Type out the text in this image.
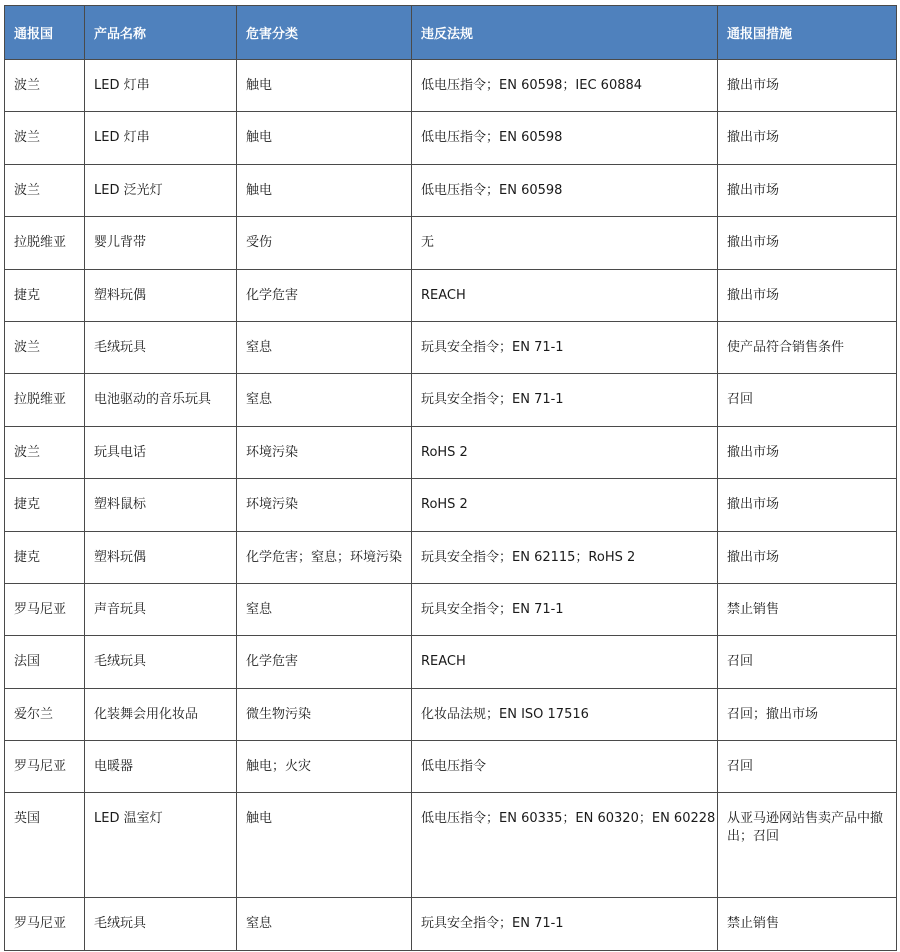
通报国	产品名称	危害分类	违反法规	通报国措施
波兰	LED 灯串	触电	低电压指令；EN 60598；IEC 60884	撤出市场
波兰	LED 灯串	触电	低电压指令；EN 60598	撤出市场
波兰	LED 泛光灯	触电	低电压指令；EN 60598	撤出市场
拉脱维亚	婴儿背带	受伤	无	撤出市场
捷克	塑料玩偶	化学危害	REACH	撤出市场
波兰	毛绒玩具	窒息	玩具安全指令；EN 71-1	使产品符合销售条件
拉脱维亚	电池驱动的音乐玩具	窒息	玩具安全指令；EN 71-1	召回
波兰	玩具电话	环境污染	RoHS 2	撤出市场
捷克	塑料鼠标	环境污染	RoHS 2	撤出市场
捷克	塑料玩偶	化学危害；窒息；环境污染	玩具安全指令；EN 62115；RoHS 2	撤出市场
罗马尼亚	声音玩具	窒息	玩具安全指令；EN 71-1	禁止销售
法国	毛绒玩具	化学危害	REACH	召回
爱尔兰	化装舞会用化妆品	微生物污染	化妆品法规；EN ISO 17516	召回；撤出市场
罗马尼亚	电暖器	触电；火灾	低电压指令	召回
英国	LED 温室灯	触电	低电压指令；EN 60335；EN 60320；EN 60228	从亚马逊网站售卖产品中撤
出；召回

罗马尼亚	毛绒玩具	窒息	玩具安全指令；EN 71-1	禁止销售
